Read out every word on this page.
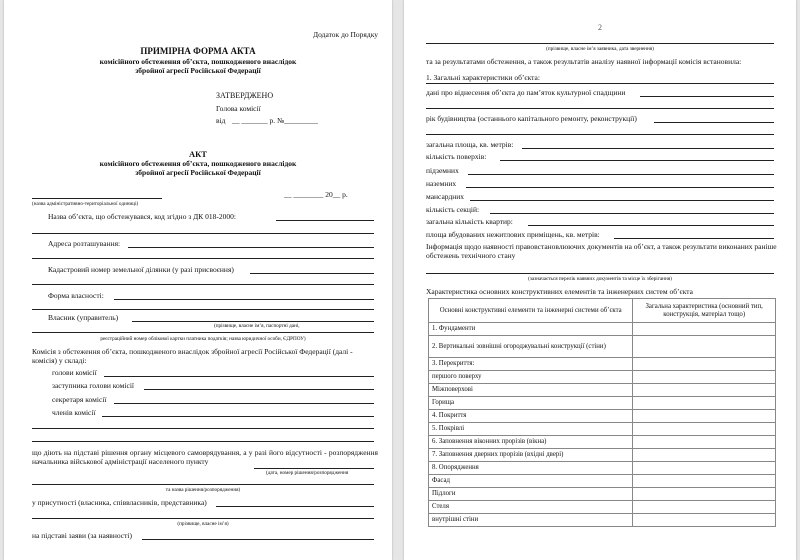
Додаток до Порядку
ПРИМІРНА ФОРМА АКТА
комісійного обстеження об’єкта, пошкодженого внаслідок
збройної агресії Російської Федерації
ЗАТВЕРДЖЕНО
Голова комісії
від __ _______ р. №_________
АКТ
комісійного обстеження об’єкта, пошкодженого внаслідок
збройної агресії Російської Федерації
__ ________ 20__ р.
(назва адміністративно-територіальної одиниці)
Назва об’єкта, що обстежувався, код згідно з ДК 018-2000:
Адреса розташування:
Кадастровий номер земельної ділянки (у разі присвоєння)
Форма власності:
Власник (управитель)
(прізвище, власне ім’я, паспортні дані,
реєстраційний номер облікової картки платника податків; назва юридичної особи, ЄДРПОУ)
Комісія з обстеження об’єкта, пошкодженого внаслідок збройної агресії Російської Федерації (далі - комісія) у складі:
голови комісії
заступника голови комісії
секретаря комісії
членів комісії
що діють на підставі рішення органу місцевого самоврядування, а у разі його відсутності - розпорядження начальника військової адміністрації населеного пункту
(дата, номер рішення/розпорядження
та назва рішення/розпорядження)
у присутності (власника, співвласників, представника)
(прізвище, власне ім’я)
на підставі заяви (за наявності)
2
(прізвище, власне ім’я заявника, дата звернення)
та за результатами обстеження, а також результатів аналізу наявної інформації комісія встановила:
1. Загальні характеристики об’єкта:
дані про віднесення об’єкта до пам’яток культурної спадщини
рік будівництва (останнього капітального ремонту, реконструкції)
загальна площа, кв. метрів:
кількість поверхів:
підземних
наземних
мансардних
кількість секцій:
загальна кількість квартир:
площа вбудованих нежитлових приміщень, кв. метрів:
Інформація щодо наявності правовстановлюючих документів на об’єкт, а також результати виконаних раніше обстежень технічного стану
(зазначається перелік наявних документів та місце їх зберігання)
Характеристика основних конструктивних елементів та інженерних систем об’єкта
Основні конструктивні елементи та інженерні системи об’єкта	Загальна характеристика (основний тип, конструкція, матеріал тощо)
1. Фундаменти	
2. Вертикальні зовнішні огороджувальні конструкції (стіни)	
3. Перекриття:	
першого поверху	
Міжповерхові	
Горища	
4. Покриття	
5. Покрівлі	
6. Заповнення віконних прорізів (вікна)	
7. Заповнення дверних прорізів (вхідні двері)	
8. Опорядження	
Фасад	
Підлоги	
Стеля	
внутрішні стіни	
